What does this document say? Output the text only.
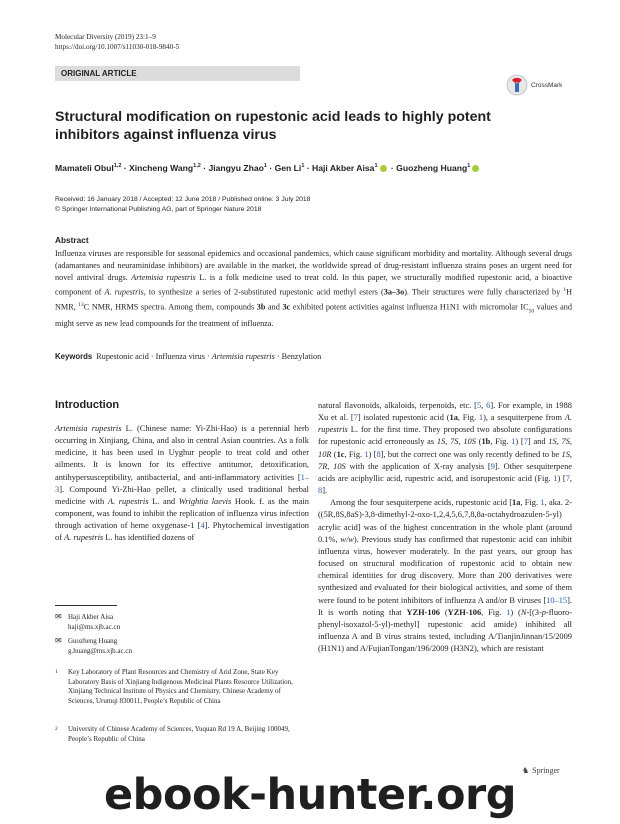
Molecular Diversity (2019) 23:1–9
https://doi.org/10.1007/s11030-018-9840-5
ORIGINAL ARTICLE
CrossMark
Structural modification on rupestonic acid leads to highly potent inhibitors against influenza virus
Mamateli Obul$^{1,2}$ · Xincheng Wang$^{1,2}$ · Jiangyu Zhao$^1$ · Gen $Li^1$ · Haji Akber Aisa$^1$ · Guozheng Huang$^1$
Received: 16 January 2018 / Accepted: 12 June 2018 / Published online: 3 July 2018
© Springer International Publishing AG, part of Springer Nature 2018
Abstract
Influenza viruses are responsible for seasonal epidemics and occasional pandemics, which cause significant morbidity and mortality. Although several drugs (adamantanes and neuraminidase inhibitors) are available in the market, the worldwide spread of drug-resistant influenza strains poses an urgent need for novel antiviral drugs. Artemisia rupestris L. is a folk medicine used to treat cold. In this paper, we structurally modified rupestonic acid, a bioactive component of A. rupestris, to synthesize a series of 2-substituted rupestonic acid methyl esters (3a–3o). Their structures were fully characterized by $^1$H NMR, $^{13}$C NMR, HRMS spectra. Among them, compounds 3b and 3c exhibited potent activities against influenza H1N1 with micromolar $IC_{50}$ values and might serve as new lead compounds for the treatment of influenza.
Keywords Rupestonic acid · Influenza virus · Artemisia rupestris · Benzylation
Introduction

Artemisia rupestris L. (Chinese name: Yi-Zhi-Hao) is a perennial herb occurring in Xinjiang, China, and also in central Asian countries. As a folk medicine, it has been used in Uyghur people to treat cold and other ailments. It is known for its effective antitumor, detoxification, antihypersusceptibility, antibacterial, and anti-inflammatory activities [1–3]. Compound Yi-Zhi-Hao pellet, a clinically used traditional herbal medicine with A. rupestris L. and Wrightia laevis Hook. f. as the main component, was found to inhibit the replication of influenza virus infection through activation of heme oxygenase-1 [4]. Phytochemical investigation of A. rupestris L. has identified dozens of

natural flavonoids, alkaloids, terpenoids, etc. [5, 6]. For example, in 1988 Xu et al. [7] isolated rupestonic acid (1a, Fig. 1), a sesquiterpene from A. rupestris L. for the first time. They proposed two absolute configurations for rupestonic acid erroneously as 1S, 7S, 10S (1b, Fig. 1) [7] and 1S, 7S, 10R (1c, Fig. 1) [8], but the correct one was only recently defined to be 1S, 7R, 10S with the application of X-ray analysis [9]. Other sesquiterpene acids are aciphyllic acid, rupestric acid, and isorupestonic acid (Fig. 1) [7, 8].

Among the four sesquiterpene acids, rupestonic acid [1a, Fig. 1, aka. 2-((5R,8S,8aS)-3,8-dimethyl-2-oxo-1,2,4,5,6,7,8,8a-octahydroazulen-5-yl) acrylic acid] was of the highest concentration in the whole plant (around 0.1%, w/w). Previous study has confirmed that rupestonic acid can inhibit influenza virus, however moderately. In the past years, our group has focused on structural modification of rupestonic acid to obtain new chemical identities for drug discovery. More than 200 derivatives were synthesized and evaluated for their biological activities, and some of them were found to be potent inhibitors of influenza A and/or B viruses [10–15]. It is worth noting that YZH-106 (YZH-106, Fig. 1) (N-[(3-p-fluoro-phenyl-isoxazol-5-yl)-methyl] rupestonic acid amide) inhibited all influenza A and B virus strains tested, including A/TianjinJinnan/15/2009 (H1N1) and A/FujianTongan/196/2009 (H3N2), which are resistant

✉ Haji Akber Aisa
haji@ms.xjb.ac.cn
✉ Guozheng Huang
g.huang@ms.xjb.ac.cn
1	Key Laboratory of Plant Resources and Chemistry of Arid Zone, State Key Laboratory Basis of Xinjiang Indigenous Medicinal Plants Resource Utilization, Xinjiang Technical Institute of Physics and Chemistry, Chinese Academy of Sciences, Urumqi 830011, People’s Republic of China
2	University of Chinese Academy of Sciences, Yuquan Rd 19 A, Beijing 100049, People’s Republic of China
♞ Springer
ebook-hunter.org
